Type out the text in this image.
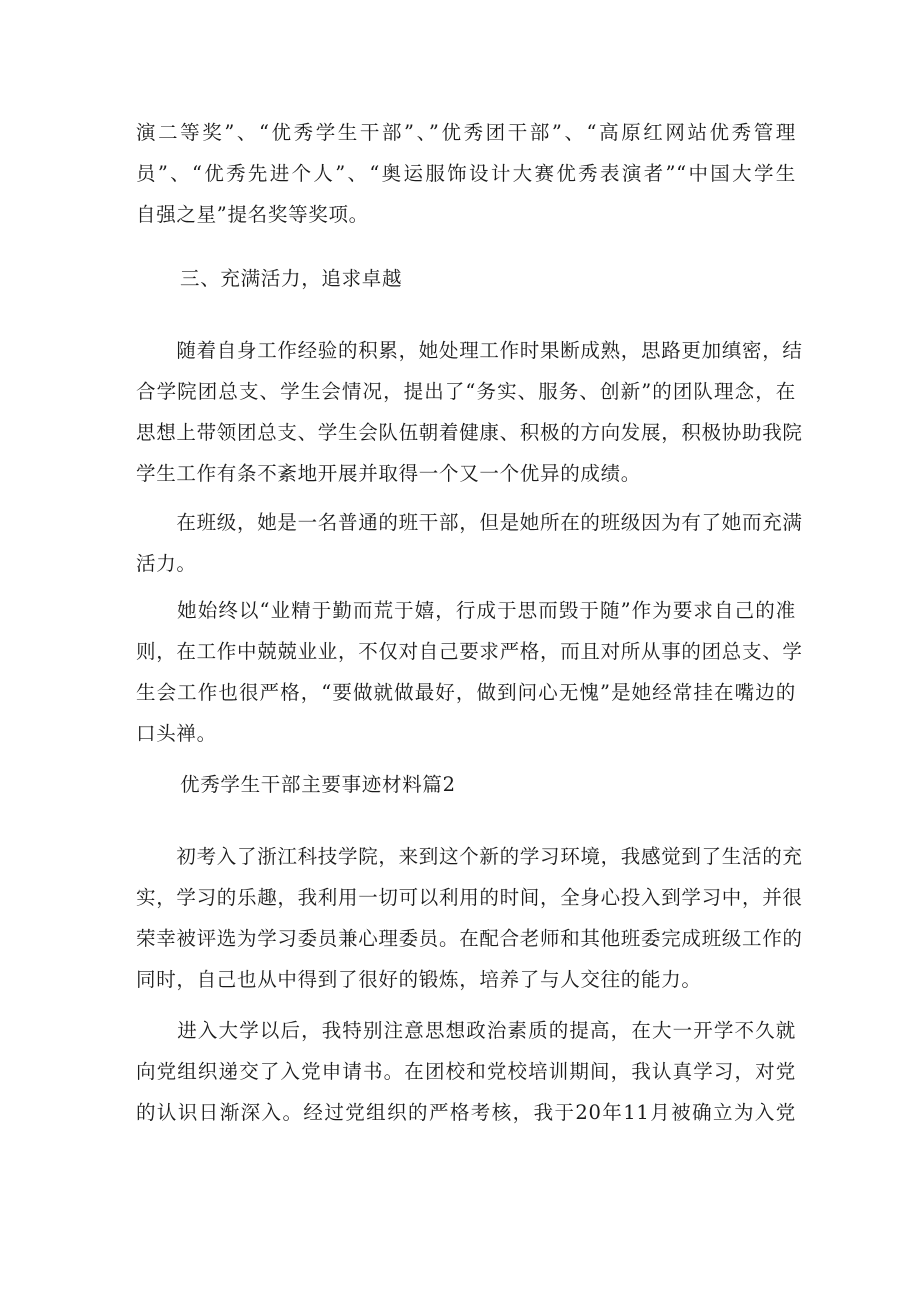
演二等奖”、“优秀学生干部”、”优秀团干部”、“高原红网站优秀管理
员”、“优秀先进个人”、“奥运服饰设计大赛优秀表演者”“中国大学生
自强之星”提名奖等奖项。

三、充满活力，追求卓越

　　随着自身工作经验的积累，她处理工作时果断成熟，思路更加缜密，结
合学院团总支、学生会情况，提出了“务实、服务、创新”的团队理念，在
思想上带领团总支、学生会队伍朝着健康、积极的方向发展，积极协助我院
学生工作有条不紊地开展并取得一个又一个优异的成绩。

　　在班级，她是一名普通的班干部，但是她所在的班级因为有了她而充满
活力。

　　她始终以“业精于勤而荒于嬉，行成于思而毁于随”作为要求自己的准
则，在工作中兢兢业业，不仅对自己要求严格，而且对所从事的团总支、学
生会工作也很严格，“要做就做最好，做到问心无愧”是她经常挂在嘴边的
口头禅。

优秀学生干部主要事迹材料篇2

　　初考入了浙江科技学院，来到这个新的学习环境，我感觉到了生活的充
实，学习的乐趣，我利用一切可以利用的时间，全身心投入到学习中，并很
荣幸被评选为学习委员兼心理委员。在配合老师和其他班委完成班级工作的
同时，自己也从中得到了很好的锻炼，培养了与人交往的能力。

　　进入大学以后，我特别注意思想政治素质的提高，在大一开学不久就
向党组织递交了入党申请书。在团校和党校培训期间，我认真学习，对党
的认识日渐深入。经过党组织的严格考核，我于20年11月被确立为入党
